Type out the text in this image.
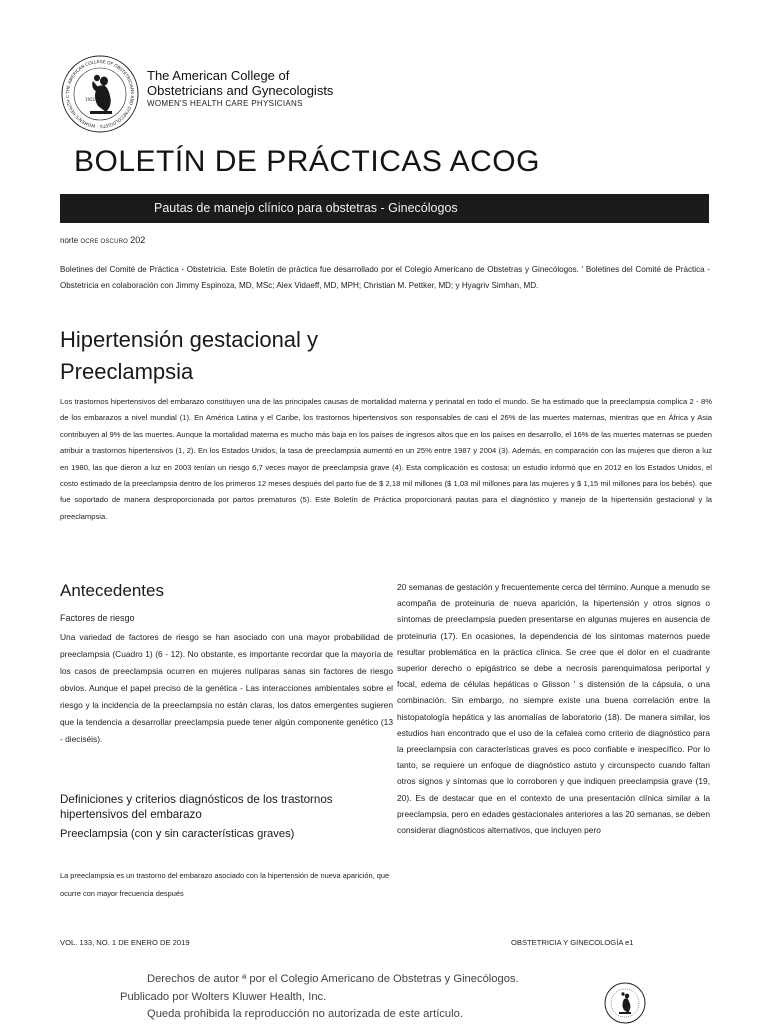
THE AMERICAN COLLEGE OF OBSTETRICIANS AND GYNECOLOGISTS · WOMEN'S HEALTH C
1951
The American College of
Obstetricians and Gynecologists
WOMEN'S HEALTH CARE PHYSICIANS
BOLETÍN DE PRÁCTICAS ACOG
Pautas de manejo clínico para obstetras - Ginecólogos
norte OCRE OSCURO 202
Boletines del Comité de Práctica - Obstetricia. Este Boletín de práctica fue desarrollado por el Colegio Americano de Obstetras y Ginecólogos. ' Boletines del Comité de Práctica - Obstetricia en colaboración con Jimmy Espinoza, MD, MSc; Alex Vidaeff, MD, MPH; Christian M. Pettker, MD; y Hyagriv Simhan, MD.
Hipertensión gestacional y
Preeclampsia
Los trastornos hipertensivos del embarazo constituyen una de las principales causas de mortalidad materna y perinatal en todo el mundo. Se ha estimado que la preeclampsia complica 2 - 8% de los embarazos a nivel mundial (1). En América Latina y el Caribe, los trastornos hipertensivos son responsables de casi el 26% de las muertes maternas, mientras que en África y Asia contribuyen al 9% de las muertes. Aunque la mortalidad materna es mucho más baja en los países de ingresos altos que en los países en desarrollo, el 16% de las muertes maternas se pueden atribuir a trastornos hipertensivos (1, 2). En los Estados Unidos, la tasa de preeclampsia aumentó en un 25% entre 1987 y 2004 (3). Además, en comparación con las mujeres que dieron a luz en 1980, las que dieron a luz en 2003 tenían un riesgo 6,7 veces mayor de preeclampsia grave (4). Esta complicación es costosa: un estudio informó que en 2012 en los Estados Unidos, el costo estimado de la preeclampsia dentro de los primeros 12 meses después del parto fue de $ 2,18 mil millones ($ 1,03 mil millones para las mujeres y $ 1,15 mil millones para los bebés). que fue soportado de manera desproporcionada por partos prematuros (5). Este Boletín de Práctica proporcionará pautas para el diagnóstico y manejo de la hipertensión gestacional y la preeclampsia.
Antecedentes
Factores de riesgo
Una variedad de factores de riesgo se han asociado con una mayor probabilidad de preeclampsia (Cuadro 1) (6 - 12). No obstante, es importante recordar que la mayoría de los casos de preeclampsia ocurren en mujeres nulíparas sanas sin factores de riesgo obvios. Aunque el papel preciso de la genética - Las interacciones ambientales sobre el riesgo y la incidencia de la preeclampsia no están claras, los datos emergentes sugieren que la tendencia a desarrollar preeclampsia puede tener algún componente genético (13 - dieciséis).
Definiciones y criterios diagnósticos de los trastornos hipertensivos del embarazo
Preeclampsia (con y sin características graves)
La preeclampsia es un trastorno del embarazo asociado con la hipertensión de nueva aparición, que ocurre con mayor frecuencia después
20 semanas de gestación y frecuentemente cerca del término. Aunque a menudo se acompaña de proteinuria de nueva aparición, la hipertensión y otros signos o síntomas de preeclampsia pueden presentarse en algunas mujeres en ausencia de proteinuria (17). En ocasiones, la dependencia de los síntomas maternos puede resultar problemática en la práctica clínica. Se cree que el dolor en el cuadrante superior derecho o epigástrico se debe a necrosis parenquimatosa periportal y focal, edema de células hepáticas o Glisson ' s distensión de la cápsula, o una combinación. Sin embargo, no siempre existe una buena correlación entre la histopatología hepática y las anomalías de laboratorio (18). De manera similar, los estudios han encontrado que el uso de la cefalea como criterio de diagnóstico para la preeclampsia con características graves es poco confiable e inespecífico. Por lo tanto, se requiere un enfoque de diagnóstico astuto y circunspecto cuando faltan otros signos y síntomas que lo corroboren y que indiquen preeclampsia grave (19, 20). Es de destacar que en el contexto de una presentación clínica similar a la preeclampsia, pero en edades gestacionales anteriores a las 20 semanas, se deben considerar diagnósticos alternativos, que incluyen pero
VOL. 133, NO. 1 DE ENERO DE 2019	OBSTETRICIA Y GINECOLOGÍA e1
Derechos de autor ª por el Colegio Americano de Obstetras y Ginecólogos.
Publicado por Wolters Kluwer Health, Inc.
Queda prohibida la reproducción no autorizada de este artículo.
